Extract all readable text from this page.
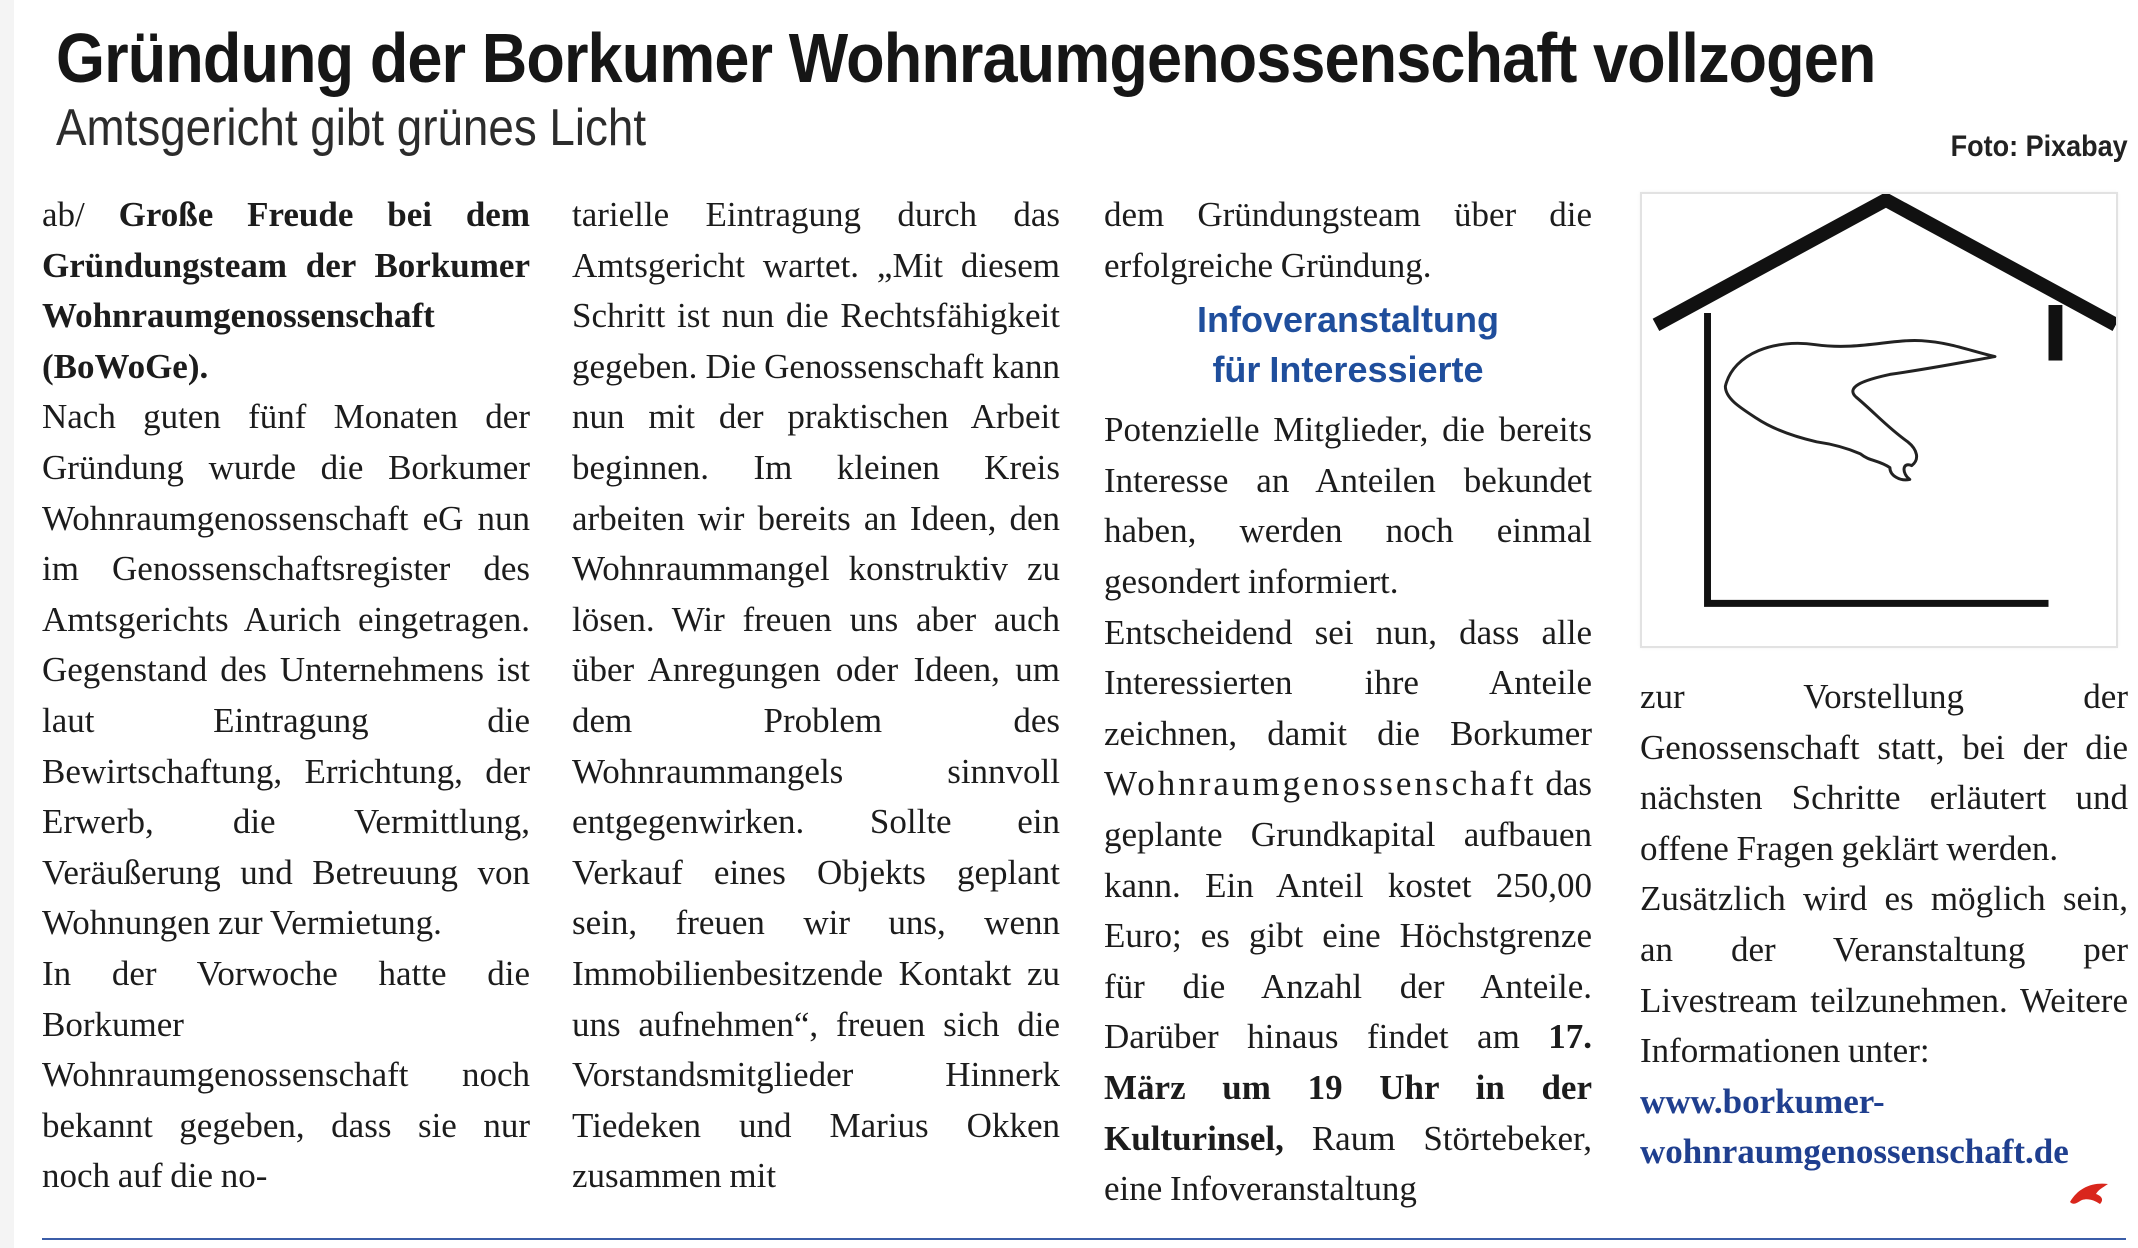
Gründung der Borkumer Wohnraumgenossenschaft vollzogen
Amtsgericht gibt grünes Licht	Foto: Pixabay

ab/ Große Freude bei dem Gründungsteam der Borkumer Wohnraumgenossenschaft (BoWoGe).

Nach guten fünf Monaten der Gründung wurde die Borkumer Wohnraumgenossenschaft eG nun im Genossenschaftsregister des Amtsgerichts Aurich eingetragen. Gegenstand des Unternehmens ist laut Eintragung die Bewirtschaftung, Errichtung, der Erwerb, die Vermittlung, Veräußerung und Betreuung von Wohnungen zur Vermietung.

In der Vorwoche hatte die Borkumer Wohnraumgenossenschaft noch bekannt gegeben, dass sie nur noch auf die no-

tarielle Eintragung durch das Amtsgericht wartet. „Mit diesem Schritt ist nun die Rechtsfähigkeit gegeben. Die Genossenschaft kann nun mit der praktischen Arbeit beginnen. Im kleinen Kreis arbeiten wir bereits an Ideen, den Wohnraummangel konstruktiv zu lösen. Wir freuen uns aber auch über Anregungen oder Ideen, um dem Problem des Wohnraummangels sinnvoll entgegenwirken. Sollte ein Verkauf eines Objekts geplant sein, freuen wir uns, wenn Immobilienbesitzende Kontakt zu uns aufnehmen“, freuen sich die Vorstandsmitglieder Hinnerk Tiedeken und Marius Okken zusammen mit

dem Gründungsteam über die erfolgreiche Gründung.

Infoveranstaltung
für Interessierte

Potenzielle Mitglieder, die bereits Interesse an Anteilen bekundet haben, werden noch einmal gesondert informiert.

Entscheidend sei nun, dass alle Interessierten ihre Anteile zeichnen, damit die Borkumer Wohnraumgenossenschaft das geplante Grundkapital aufbauen kann. Ein Anteil kostet 250,00 Euro; es gibt eine Höchstgrenze für die Anzahl der Anteile. Darüber hinaus findet am 17. März um 19 Uhr in der Kulturinsel, Raum Störtebeker, eine Infoveranstaltung

zur Vorstellung der Genossenschaft statt, bei der die nächsten Schritte erläutert und offene Fragen geklärt werden.

Zusätzlich wird es möglich sein, an der Veranstaltung per Livestream teilzunehmen. Weitere Informationen unter:

www.borkumer-
wohnraumgenossenschaft.de
